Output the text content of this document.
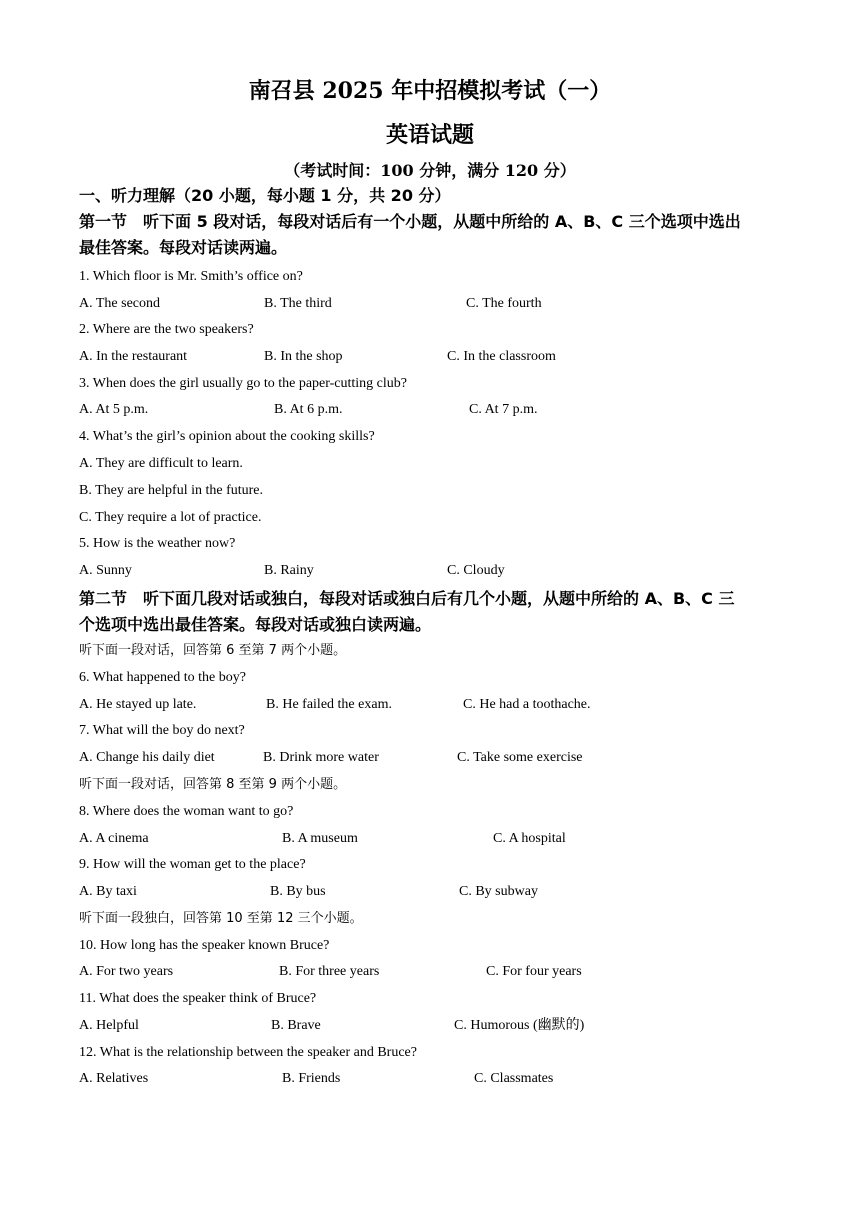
南召县 2025 年中招模拟考试（一）
英语试题
（考试时间：100 分钟，满分 120 分）
一、听力理解（20 小题，每小题 1 分，共 20 分）
第一节　听下面 5 段对话，每段对话后有一个小题，从题中所给的 A、B、C 三个选项中选出
最佳答案。每段对话读两遍。
1. Which floor is Mr. Smith’s office on?
A. The second	B. The third	C. The fourth
2. Where are the two speakers?
A. In the restaurant	B. In the shop	C. In the classroom
3. When does the girl usually go to the paper-cutting club?
A. At 5 p.m.	B. At 6 p.m.	C. At 7 p.m.
4. What’s the girl’s opinion about the cooking skills?
A. They are difficult to learn.
B. They are helpful in the future.
C. They require a lot of practice.
5. How is the weather now?
A. Sunny	B. Rainy	C. Cloudy
第二节　听下面几段对话或独白，每段对话或独白后有几个小题，从题中所给的 A、B、C 三
个选项中选出最佳答案。每段对话或独白读两遍。
听下面一段对话，回答第 6 至第 7 两个小题。
6. What happened to the boy?
A. He stayed up late.	B. He failed the exam.	C. He had a toothache.
7. What will the boy do next?
A. Change his daily diet	B. Drink more water	C. Take some exercise
听下面一段对话，回答第 8 至第 9 两个小题。
8. Where does the woman want to go?
A. A cinema	B. A museum	C. A hospital
9. How will the woman get to the place?
A. By taxi	B. By bus	C. By subway
听下面一段独白，回答第 10 至第 12 三个小题。
10. How long has the speaker known Bruce?
A. For two years	B. For three years	C. For four years
11. What does the speaker think of Bruce?
A. Helpful	B. Brave	C. Humorous (幽默的)
12. What is the relationship between the speaker and Bruce?
A. Relatives	B. Friends	C. Classmates
